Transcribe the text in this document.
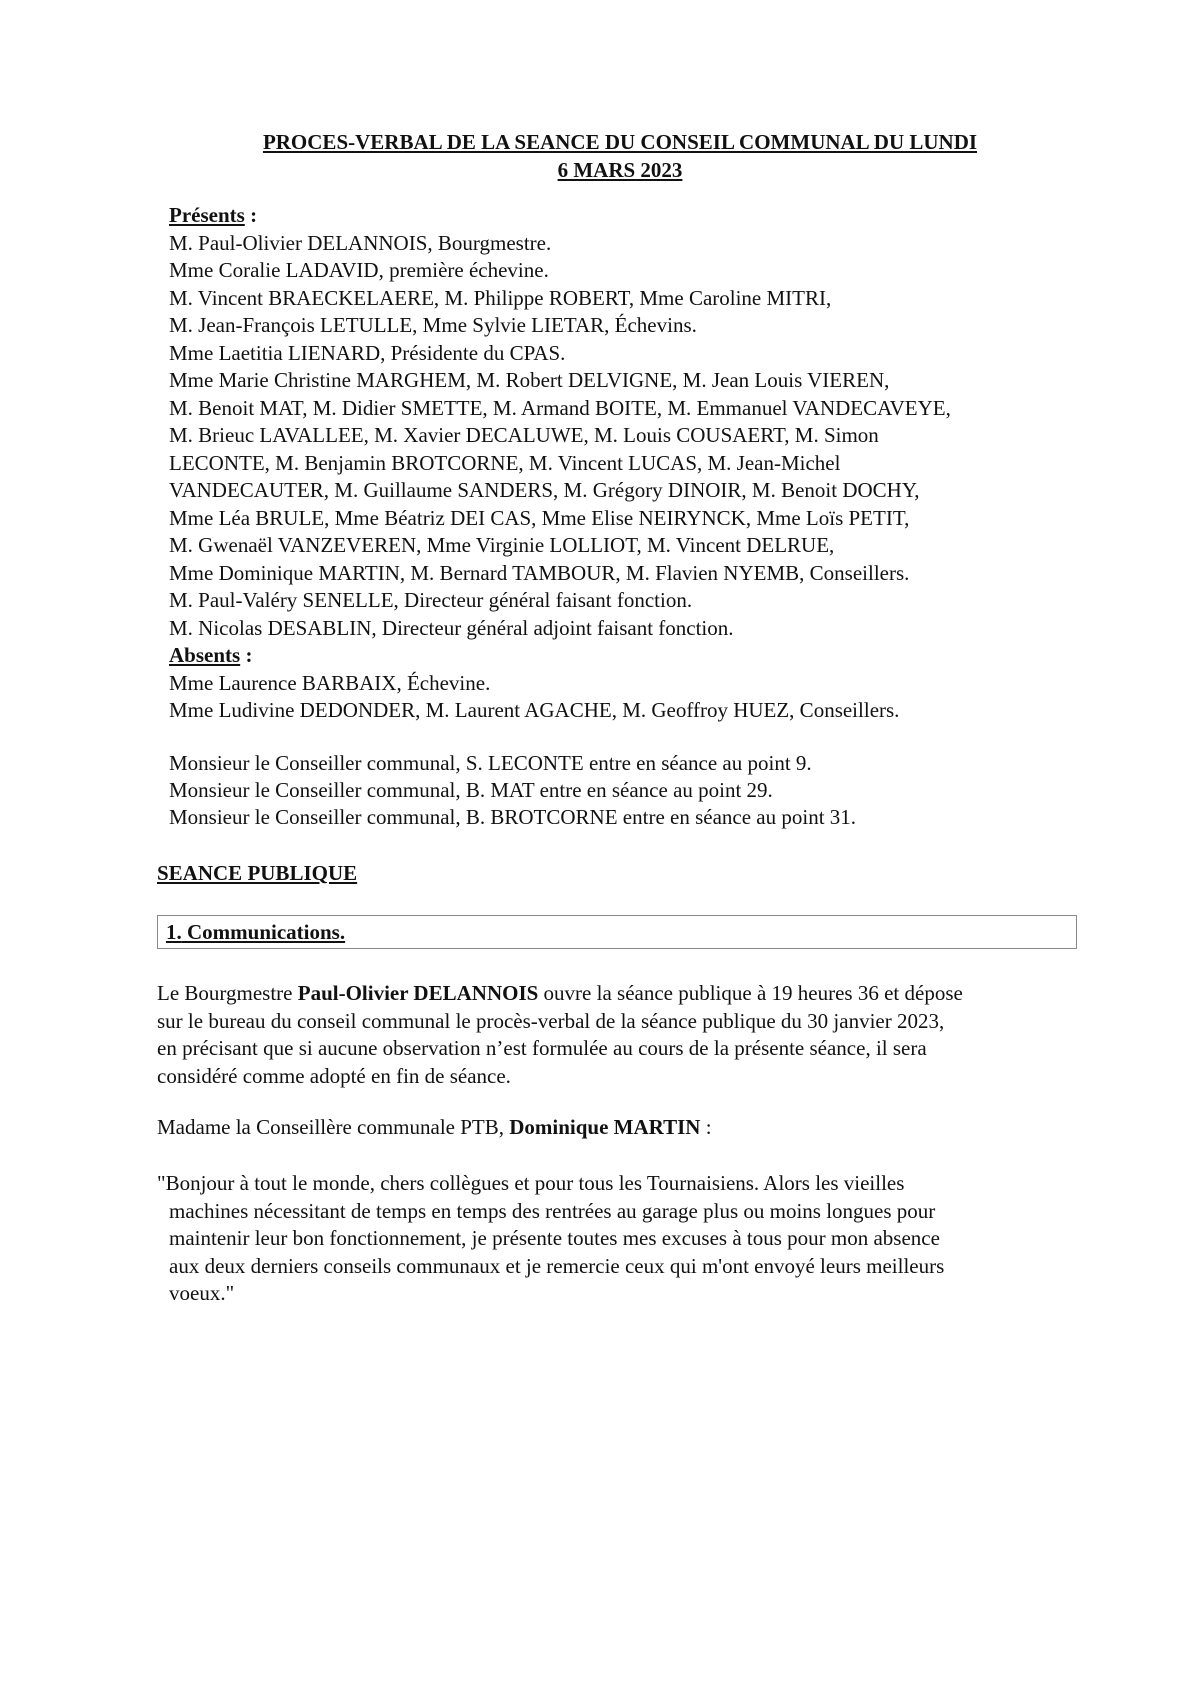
PROCES-VERBAL DE LA SEANCE DU CONSEIL COMMUNAL DU LUNDI
6 MARS 2023
Présents :
M. Paul-Olivier DELANNOIS, Bourgmestre.
Mme Coralie LADAVID, première échevine.
M. Vincent BRAECKELAERE, M. Philippe ROBERT, Mme Caroline MITRI,
M. Jean-François LETULLE, Mme Sylvie LIETAR, Échevins.
Mme Laetitia LIENARD, Présidente du CPAS.
Mme Marie Christine MARGHEM, M. Robert DELVIGNE, M. Jean Louis VIEREN,
M. Benoit MAT, M. Didier SMETTE, M. Armand BOITE, M. Emmanuel VANDECAVEYE,
M. Brieuc LAVALLEE, M. Xavier DECALUWE, M. Louis COUSAERT, M. Simon
LECONTE, M. Benjamin BROTCORNE, M. Vincent LUCAS, M. Jean-Michel
VANDECAUTER, M. Guillaume SANDERS, M. Grégory DINOIR, M. Benoit DOCHY,
Mme Léa BRULE, Mme Béatriz DEI CAS, Mme Elise NEIRYNCK, Mme Loïs PETIT,
M. Gwenaël VANZEVEREN, Mme Virginie LOLLIOT, M. Vincent DELRUE,
Mme Dominique MARTIN, M. Bernard TAMBOUR, M. Flavien NYEMB, Conseillers.
M. Paul-Valéry SENELLE, Directeur général faisant fonction.
M. Nicolas DESABLIN, Directeur général adjoint faisant fonction.
Absents :
Mme Laurence BARBAIX, Échevine.
Mme Ludivine DEDONDER, M. Laurent AGACHE, M. Geoffroy HUEZ, Conseillers.
Monsieur le Conseiller communal, S. LECONTE entre en séance au point 9.
Monsieur le Conseiller communal, B. MAT entre en séance au point 29.
Monsieur le Conseiller communal, B. BROTCORNE entre en séance au point 31.
SEANCE PUBLIQUE
1. Communications.
Le Bourgmestre Paul-Olivier DELANNOIS ouvre la séance publique à 19 heures 36 et dépose
sur le bureau du conseil communal le procès-verbal de la séance publique du 30 janvier 2023,
en précisant que si aucune observation n’est formulée au cours de la présente séance, il sera
considéré comme adopté en fin de séance.
Madame la Conseillère communale PTB, Dominique MARTIN :
"Bonjour à tout le monde, chers collègues et pour tous les Tournaisiens. Alors les vieilles
machines nécessitant de temps en temps des rentrées au garage plus ou moins longues pour
maintenir leur bon fonctionnement, je présente toutes mes excuses à tous pour mon absence
aux deux derniers conseils communaux et je remercie ceux qui m'ont envoyé leurs meilleurs
voeux."
